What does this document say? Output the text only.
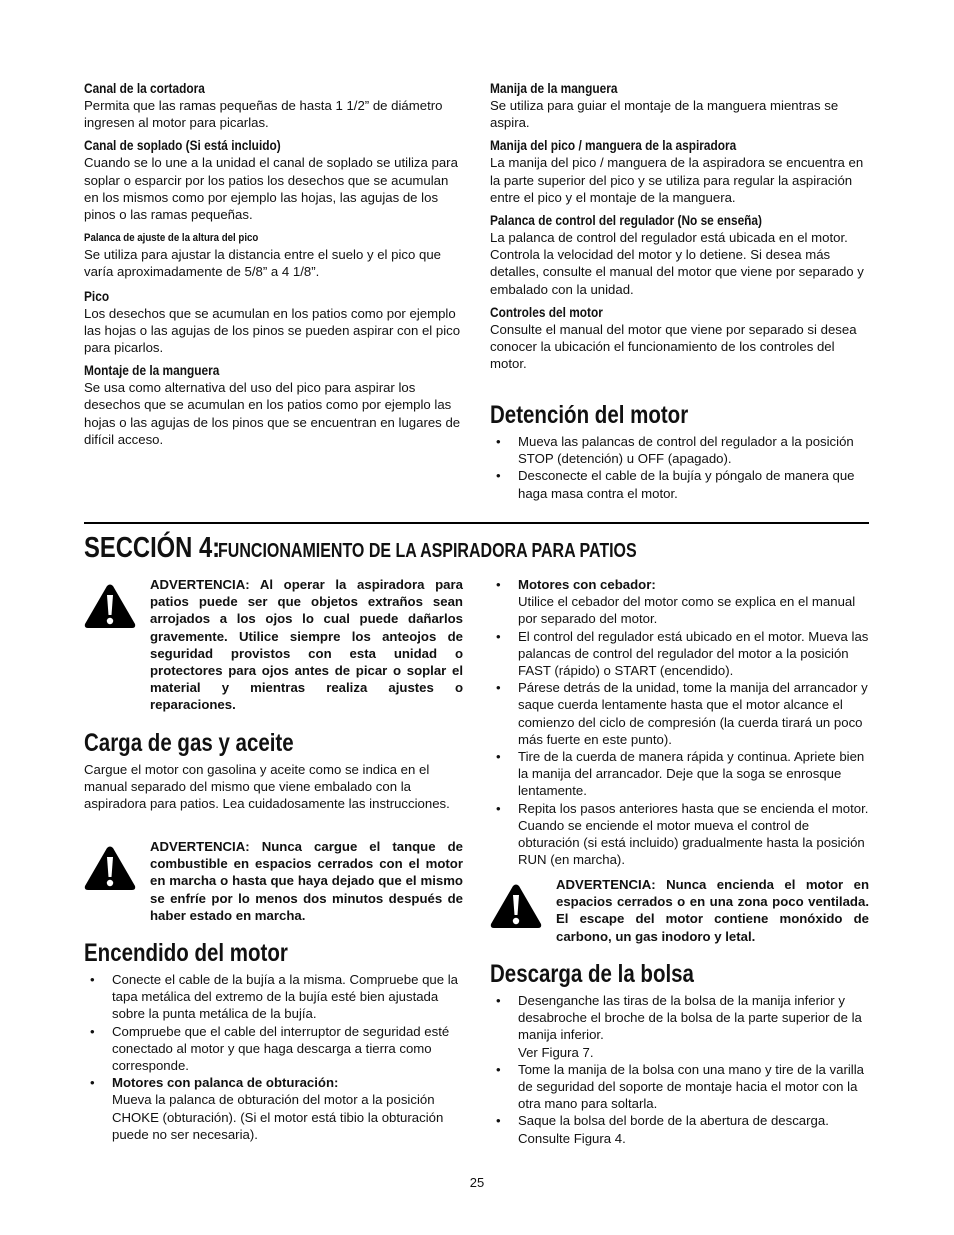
Canal de la cortadora

Permita que las ramas pequeñas de hasta 1 1/2” de diámetro ingresen al motor para picarlas.

Canal de soplado (Si está incluido)

Cuando se lo une a la unidad el canal de soplado se utiliza para soplar o esparcir por los patios los desechos que se acumulan en los mismos como por ejemplo las hojas, las agujas de los pinos o las ramas pequeñas.

Palanca de ajuste de la altura del pico

Se utiliza para ajustar la distancia entre el suelo y el pico que varía aproximadamente de 5/8” a 4 1/8”.

Pico

Los desechos que se acumulan en los patios como por ejemplo las hojas o las agujas de los pinos se pueden aspirar con el pico para picarlos.

Montaje de la manguera

Se usa como alternativa del uso del pico para aspirar los desechos que se acumulan en los patios como por ejemplo las hojas o las agujas de los pinos que se encuentran en lugares de difícil acceso.

Manija de la manguera

Se utiliza para guiar el montaje de la manguera mientras se aspira.

Manija del pico / manguera de la aspiradora

La manija del pico / manguera de la aspiradora se encuentra en la parte superior del pico y se utiliza para regular la aspiración entre el pico y el montaje de la manguera.

Palanca de control del regulador (No se enseña)

La palanca de control del regulador está ubicada en el motor. Controla la velocidad del motor y lo detiene. Si desea más detalles, consulte el manual del motor que viene por separado y embalado con la unidad.

Controles del motor

Consulte el manual del motor que viene por separado si desea conocer la ubicación el funcionamiento de los controles del motor.

Detención del motor

• Mueva las palancas de control del regulador a la posición STOP (detención) u OFF (apagado).
• Desconecte el cable de la bujía y póngalo de manera que haga masa contra el motor.
SECCIÓN 4:
FUNCIONAMIENTO DE LA ASPIRADORA PARA PATIOS
ADVERTENCIA: Al operar la aspiradora para patios puede ser que objetos extraños sean arrojados a los ojos lo cual puede dañarlos gravemente. Utilice siempre los anteojos de seguridad provistos con esta unidad o protectores para ojos antes de picar o soplar el material y mientras realiza ajustes o reparaciones.

Carga de gas y aceite

Cargue el motor con gasolina y aceite como se indica en el manual separado del mismo que viene embalado con la aspiradora para patios. Lea cuidadosamente las instrucciones.

ADVERTENCIA: Nunca cargue el tanque de combustible en espacios cerrados con el motor en marcha o hasta que haya dejado que el mismo se enfríe por lo menos dos minutos después de haber estado en marcha.

Encendido del motor

• Conecte el cable de la bujía a la misma. Compruebe que la tapa metálica del extremo de la bujía esté bien ajustada sobre la punta metálica de la bujía.
• Compruebe que el cable del interruptor de seguridad esté conectado al motor y que haga descarga a tierra como corresponde.
• Motores con palanca de obturación:
Mueva la palanca de obturación del motor a la posición CHOKE (obturación). (Si el motor está tibio la obturación puede no ser necesaria).
• Motores con cebador:
Utilice el cebador del motor como se explica en el manual por separado del motor.
• El control del regulador está ubicado en el motor. Mueva las palancas de control del regulador del motor a la posición FAST (rápido) o START (encendido).
• Párese detrás de la unidad, tome la manija del arrancador y saque cuerda lentamente hasta que el motor alcance el comienzo del ciclo de compresión (la cuerda tirará un poco más fuerte en este punto).
• Tire de la cuerda de manera rápida y continua. Apriete bien la manija del arrancador. Deje que la soga se enrosque lentamente.
• Repita los pasos anteriores hasta que se encienda el motor. Cuando se enciende el motor mueva el control de obturación (si está incluido) gradualmente hasta la posición RUN (en marcha).
ADVERTENCIA: Nunca encienda el motor en espacios cerrados o en una zona poco ventilada. El escape del motor contiene monóxido de carbono, un gas inodoro y letal.

Descarga de la bolsa

• Desenganche las tiras de la bolsa de la manija inferior y desabroche el broche de la bolsa de la parte superior de la manija inferior.
Ver Figura 7.
• Tome la manija de la bolsa con una mano y tire de la varilla de seguridad del soporte de montaje hacia el motor con la otra mano para soltarla.
• Saque la bolsa del borde de la abertura de descarga. Consulte Figura 4.
25
